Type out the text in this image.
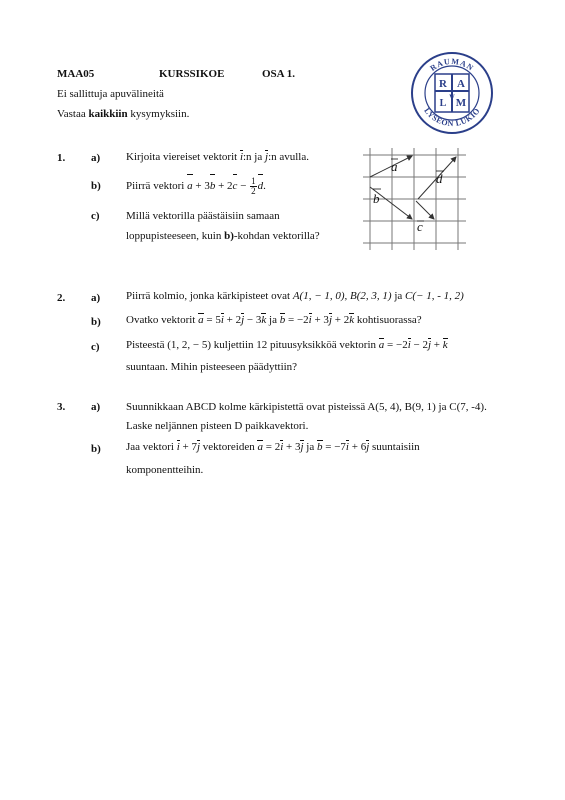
MAA05	KURSSIKOE	OSA 1.
Ei sallittuja apuvälineitä
Vastaa kaikkiin kysymyksiin.
RAUMAN
LYSEON LUKIO
R A
L M
V
a
b
c
d
1. a) Kirjoita viereiset vektorit i:n ja j:n avulla.
b) Piirrä vektori $a + 3b + 2c - \frac{1}{2} d$.
c) Millä vektorilla päästäisiin samaan
loppupisteeseen, kuin b)-kohdan vektorilla?
2. a) Piirrä kolmio, jonka kärkipisteet ovat A(1, − 1, 0), B(2, 3, 1) ja C(− 1, - 1, 2)
b) Ovatko vektorit a = 5i + 2j − 3k ja b = −2i + 3j + 2k kohtisuorassa?
c) Pisteestä (1, 2, − 5) kuljettiin 12 pituusyksikköä vektorin a = −2i − 2j + k
suuntaan. Mihin pisteeseen päädyttiin?
3. a) Suunnikkaan ABCD kolme kärkipistettä ovat pisteissä A(5, 4), B(9, 1) ja C(7, -4).
Laske neljännen pisteen D paikkavektori.
b) Jaa vektori i + 7j vektoreiden a = 2i + 3j ja b = −7i + 6j suuntaisiin
komponentteihin.
